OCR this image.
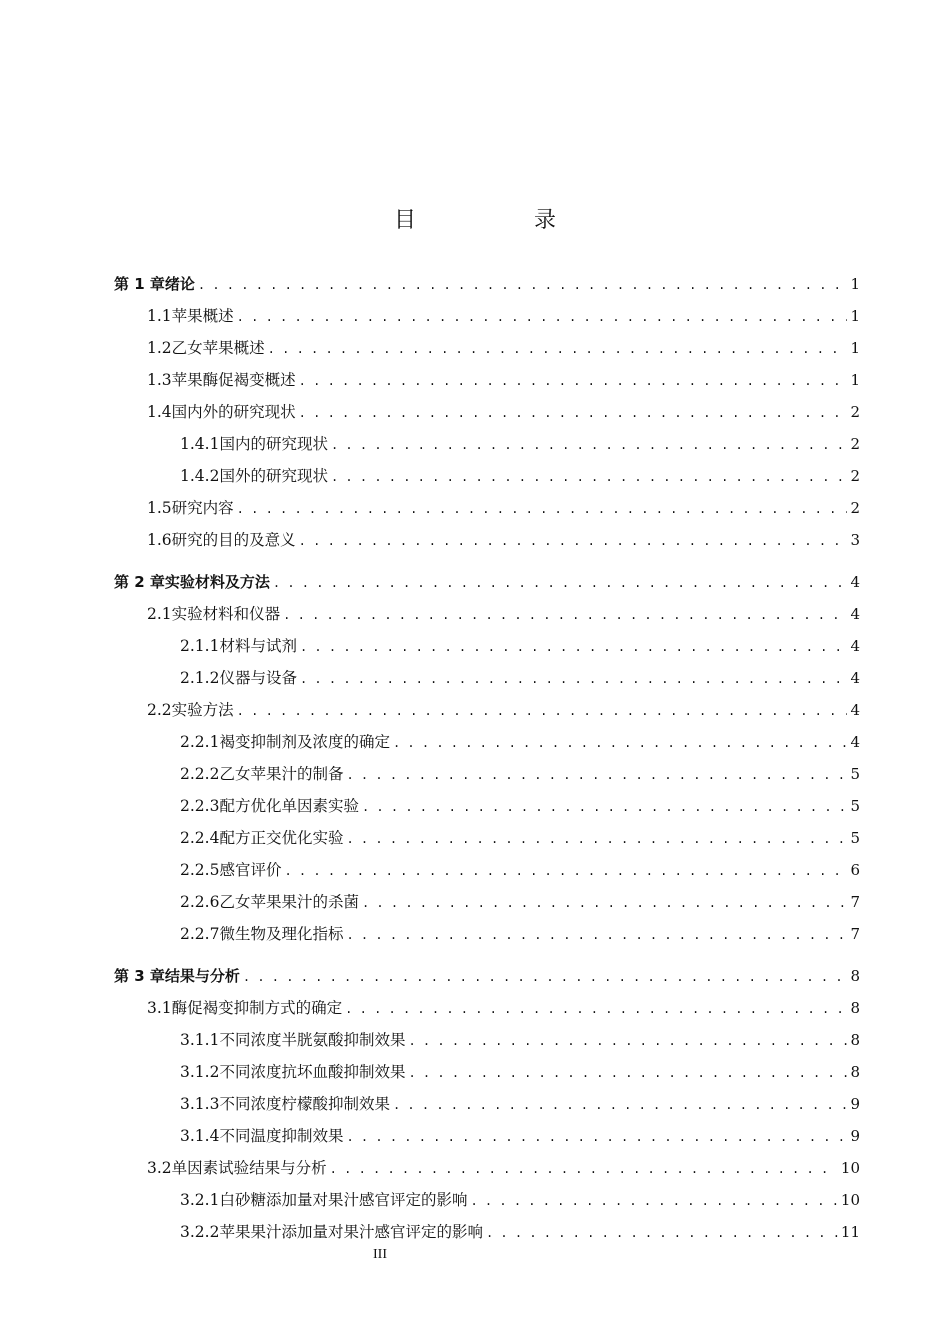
目　录
第 1 章 绪论 . . .	1
1.1 苹果概述 . . .	1
1.2 乙女苹果概述 . . .	1
1.3 苹果酶促褐变概述 . . .	1
1.4 国内外的研究现状 . . .	2
1.4.1 国内的研究现状 . . .	2
1.4.2 国外的研究现状 . . .	2
1.5 研究内容 . . .	2
1.6 研究的目的及意义 . . .	3
第 2 章 实验材料及方法 . . .	4
2.1 实验材料和仪器 . . .	4
2.1.1 材料与试剂 . . .	4
2.1.2 仪器与设备 . . .	4
2.2 实验方法 . . .	4
2.2.1 褐变抑制剂及浓度的确定 . . .	4
2.2.2 乙女苹果汁的制备 . . .	5
2.2.3 配方优化单因素实验 . . .	5
2.2.4 配方正交优化实验 . . .	5
2.2.5 感官评价 . . .	6
2.2.6 乙女苹果果汁的杀菌 . . .	7
2.2.7 微生物及理化指标 . . .	7
第 3 章 结果与分析 . . .	8
3.1 酶促褐变抑制方式的确定 . . .	8
3.1.1 不同浓度半胱氨酸抑制效果 . . .	8
3.1.2 不同浓度抗坏血酸抑制效果 . . .	8
3.1.3 不同浓度柠檬酸抑制效果 . . .	9
3.1.4 不同温度抑制效果 . . .	9
3.2 单因素试验结果与分析 . . .	10
3.2.1 白砂糖添加量对果汁感官评定的影响 . . .	10
3.2.2 苹果果汁添加量对果汁感官评定的影响 . . .	11
III
